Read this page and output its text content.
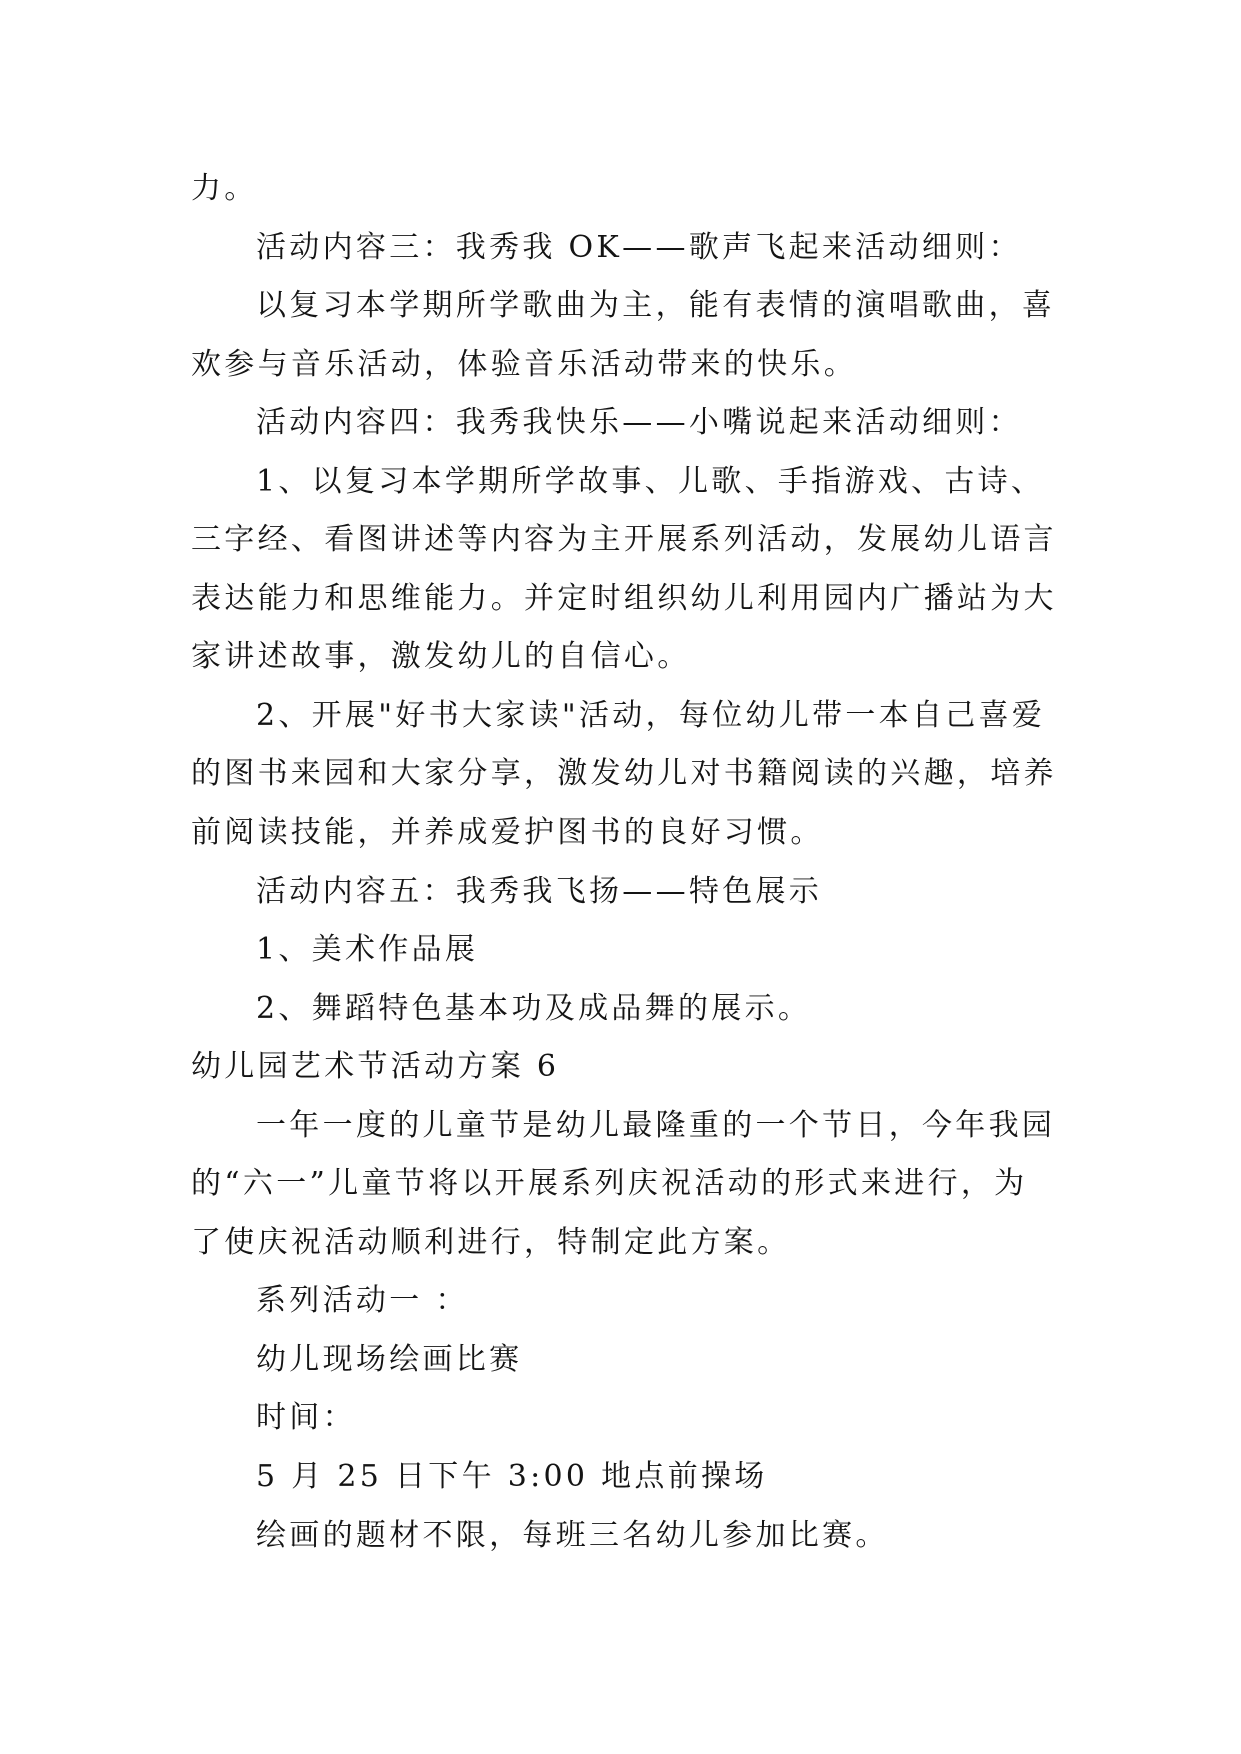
力。

活动内容三：我秀我 OK——歌声飞起来活动细则：

以复习本学期所学歌曲为主，能有表情的演唱歌曲，喜
欢参与音乐活动，体验音乐活动带来的快乐。

活动内容四：我秀我快乐——小嘴说起来活动细则：

1、以复习本学期所学故事、儿歌、手指游戏、古诗、
三字经、看图讲述等内容为主开展系列活动，发展幼儿语言
表达能力和思维能力。并定时组织幼儿利用园内广播站为大
家讲述故事，激发幼儿的自信心。

2、开展"好书大家读"活动，每位幼儿带一本自己喜爱
的图书来园和大家分享，激发幼儿对书籍阅读的兴趣，培养
前阅读技能，并养成爱护图书的良好习惯。

活动内容五：我秀我飞扬——特色展示

1、美术作品展

2、舞蹈特色基本功及成品舞的展示。

幼儿园艺术节活动方案 6

一年一度的儿童节是幼儿最隆重的一个节日，今年我园
的“六一”儿童节将以开展系列庆祝活动的形式来进行，为
了使庆祝活动顺利进行，特制定此方案。

系列活动一 ：

幼儿现场绘画比赛

时间：

5 月 25 日下午 3:00 地点前操场

绘画的题材不限，每班三名幼儿参加比赛。
